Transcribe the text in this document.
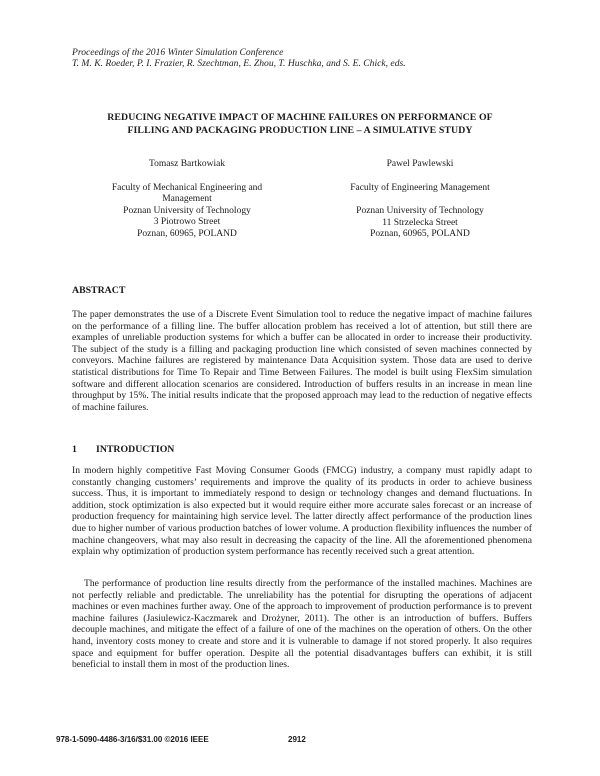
Proceedings of the 2016 Winter Simulation Conference
T. M. K. Roeder, P. I. Frazier, R. Szechtman, E. Zhou, T. Huschka, and S. E. Chick, eds.
REDUCING NEGATIVE IMPACT OF MACHINE FAILURES ON PERFORMANCE OF
FILLING AND PACKAGING PRODUCTION LINE – A SIMULATIVE STUDY
Tomasz Bartkowiak
Faculty of Mechanical Engineering and
Management
Poznan University of Technology
3 Piotrowo Street
Poznan, 60965, POLAND
Pawel Pawlewski
Faculty of Engineering Management
Poznan University of Technology
11 Strzelecka Street
Poznan, 60965, POLAND
ABSTRACT

The paper demonstrates the use of a Discrete Event Simulation tool to reduce the negative impact of machine failures on the performance of a filling line. The buffer allocation problem has received a lot of attention, but still there are examples of unreliable production systems for which a buffer can be allocated in order to increase their productivity. The subject of the study is a filling and packaging production line which consisted of seven machines connected by conveyors. Machine failures are registered by maintenance Data Acquisition system. Those data are used to derive statistical distributions for Time To Repair and Time Between Failures. The model is built using FlexSim simulation software and different allocation scenarios are considered. Introduction of buffers results in an increase in mean line throughput by 15%. The initial results indicate that the proposed approach may lead to the reduction of negative effects of machine failures.

1 INTRODUCTION

In modern highly competitive Fast Moving Consumer Goods (FMCG) industry, a company must rapidly adapt to constantly changing customers’ requirements and improve the quality of its products in order to achieve business success. Thus, it is important to immediately respond to design or technology changes and demand fluctuations. In addition, stock optimization is also expected but it would require either more accurate sales forecast or an increase of production frequency for maintaining high service level. The latter directly affect performance of the production lines due to higher number of various production batches of lower volume. A production flexibility influences the number of machine changeovers, what may also result in decreasing the capacity of the line. All the aforementioned phenomena explain why optimization of production system performance has recently received such a great attention.

The performance of production line results directly from the performance of the installed machines. Machines are not perfectly reliable and predictable. The unreliability has the potential for disrupting the operations of adjacent machines or even machines further away. One of the approach to improvement of production performance is to prevent machine failures (Jasiulewicz-Kaczmarek and Drożyner, 2011). The other is an introduction of buffers. Buffers decouple machines, and mitigate the effect of a failure of one of the machines on the operation of others. On the other hand, inventory costs money to create and store and it is vulnerable to damage if not stored properly. It also requires space and equipment for buffer operation. Despite all the potential disadvantages buffers can exhibit, it is still beneficial to install them in most of the production lines.

978-1-5090-4486-3/16/$31.00 ©2016 IEEE	2912
